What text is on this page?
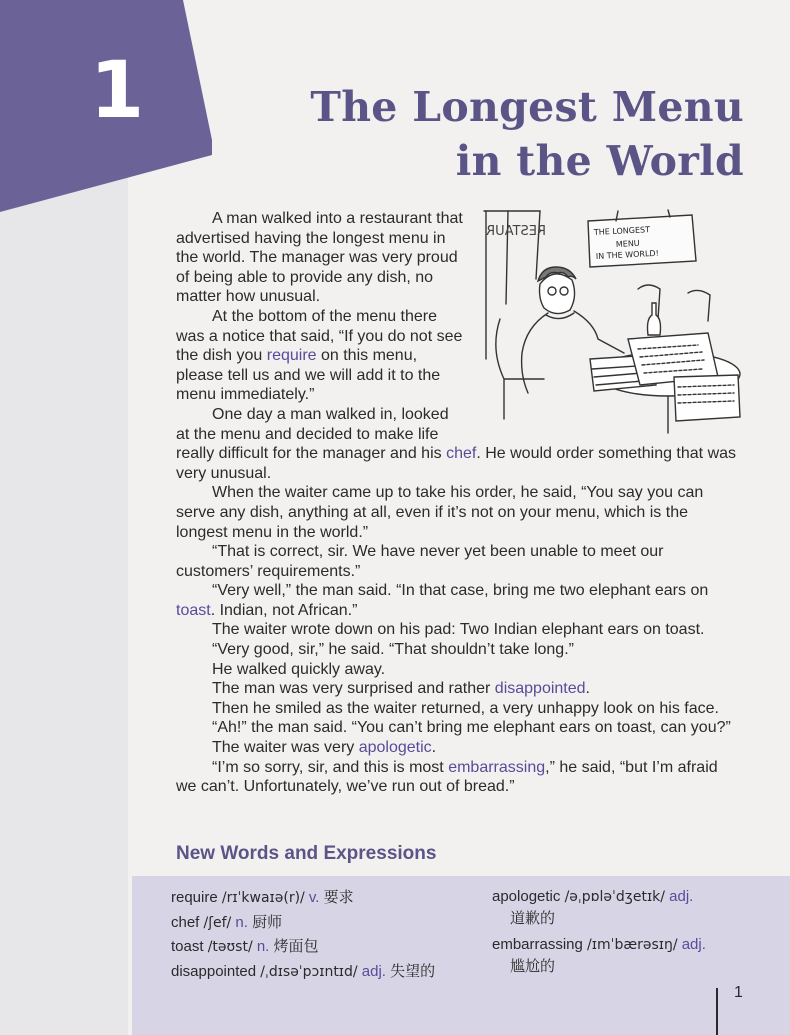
1	The Longest Menu
in the World
THE LONGEST
MENU
IN THE WORLD!
RESTAUR

A man walked into a restaurant that advertised having the longest menu in the world. The manager was very proud of being able to provide any dish, no matter how unusual.

At the bottom of the menu there was a notice that said, “If you do not see the dish you require on this menu, please tell us and we will add it to the menu immediately.”

One day a man walked in, looked at the menu and decided to make life really difficult for the manager and his chef. He would order something that was very unusual.

When the waiter came up to take his order, he said, “You say you can serve any dish, anything at all, even if it’s not on your menu, which is the longest menu in the world.”

“That is correct, sir. We have never yet been unable to meet our customers’ requirements.”

“Very well,” the man said. “In that case, bring me two elephant ears on toast. Indian, not African.”

The waiter wrote down on his pad: Two Indian elephant ears on toast.

“Very good, sir,” he said. “That shouldn’t take long.”

He walked quickly away.

The man was very surprised and rather disappointed.

Then he smiled as the waiter returned, a very unhappy look on his face.

“Ah!” the man said. “You can’t bring me elephant ears on toast, can you?”

The waiter was very apologetic.

“I’m so sorry, sir, and this is most embarrassing,” he said, “but I’m afraid we can’t. Unfortunately, we’ve run out of bread.”

New Words and Expressions
require /rɪˈkwaɪə(r)/ v. 要求
chef /ʃef/ n. 厨师
toast /təʊst/ n. 烤面包
disappointed /ˌdɪsəˈpɔɪntɪd/ adj. 失望的
apologetic /əˌpɒləˈdʒetɪk/ adj.
道歉的
embarrassing /ɪmˈbærəsɪŋ/ adj.
尴尬的
1
